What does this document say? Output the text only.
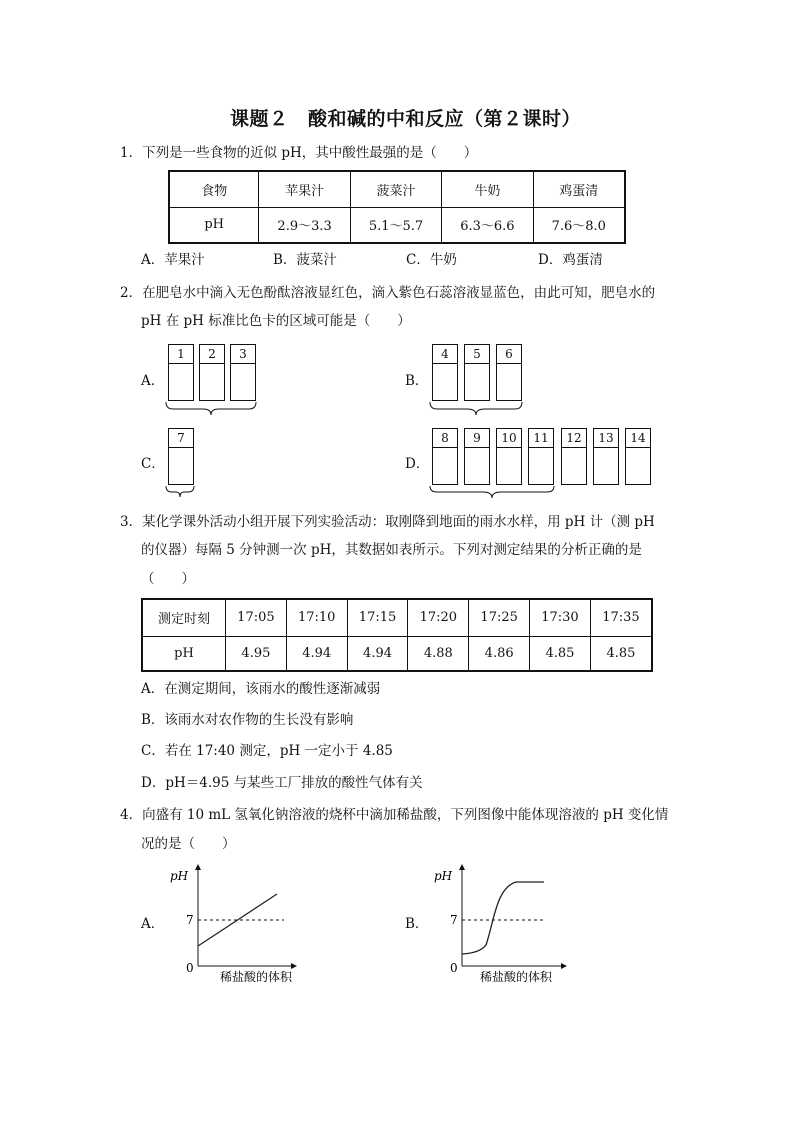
课题２　酸和碱的中和反应（第２课时）
1．下列是一些食物的近似 pH，其中酸性最强的是（　　）
食物	苹果汁	菠菜汁	牛奶	鸡蛋清
pH	2.9～3.3	5.1～5.7	6.3～6.6	7.6～8.0
A．苹果汁	B．菠菜汁	C．牛奶	D．鸡蛋清
2．在肥皂水中滴入无色酚酞溶液显红色，滴入紫色石蕊溶液显蓝色，由此可知，肥皂水的
pH 在 pH 标准比色卡的区域可能是（　　）
A．	B．
C．	D．
1	2	3	4	5	6
7	8	9	10	11	12	13	14
3．某化学课外活动小组开展下列实验活动：取刚降到地面的雨水水样，用 pH 计（测 pH
的仪器）每隔 5 分钟测一次 pH，其数据如表所示。下列对测定结果的分析正确的是
（　　）
测定时刻	17:05	17:10	17:15	17:20	17:25	17:30	17:35
pH	4.95	4.94	4.94	4.88	4.86	4.85	4.85
A．在测定期间，该雨水的酸性逐渐减弱
B．该雨水对农作物的生长没有影响
C．若在 17:40 测定，pH 一定小于 4.85
D．pH＝4.95 与某些工厂排放的酸性气体有关
4．向盛有 10 mL 氢氧化钠溶液的烧杯中滴加稀盐酸，下列图像中能体现溶液的 pH 变化情
况的是（　　）
A．	B．
pH
7
0
稀盐酸的体积
pH
7
0
稀盐酸的体积
